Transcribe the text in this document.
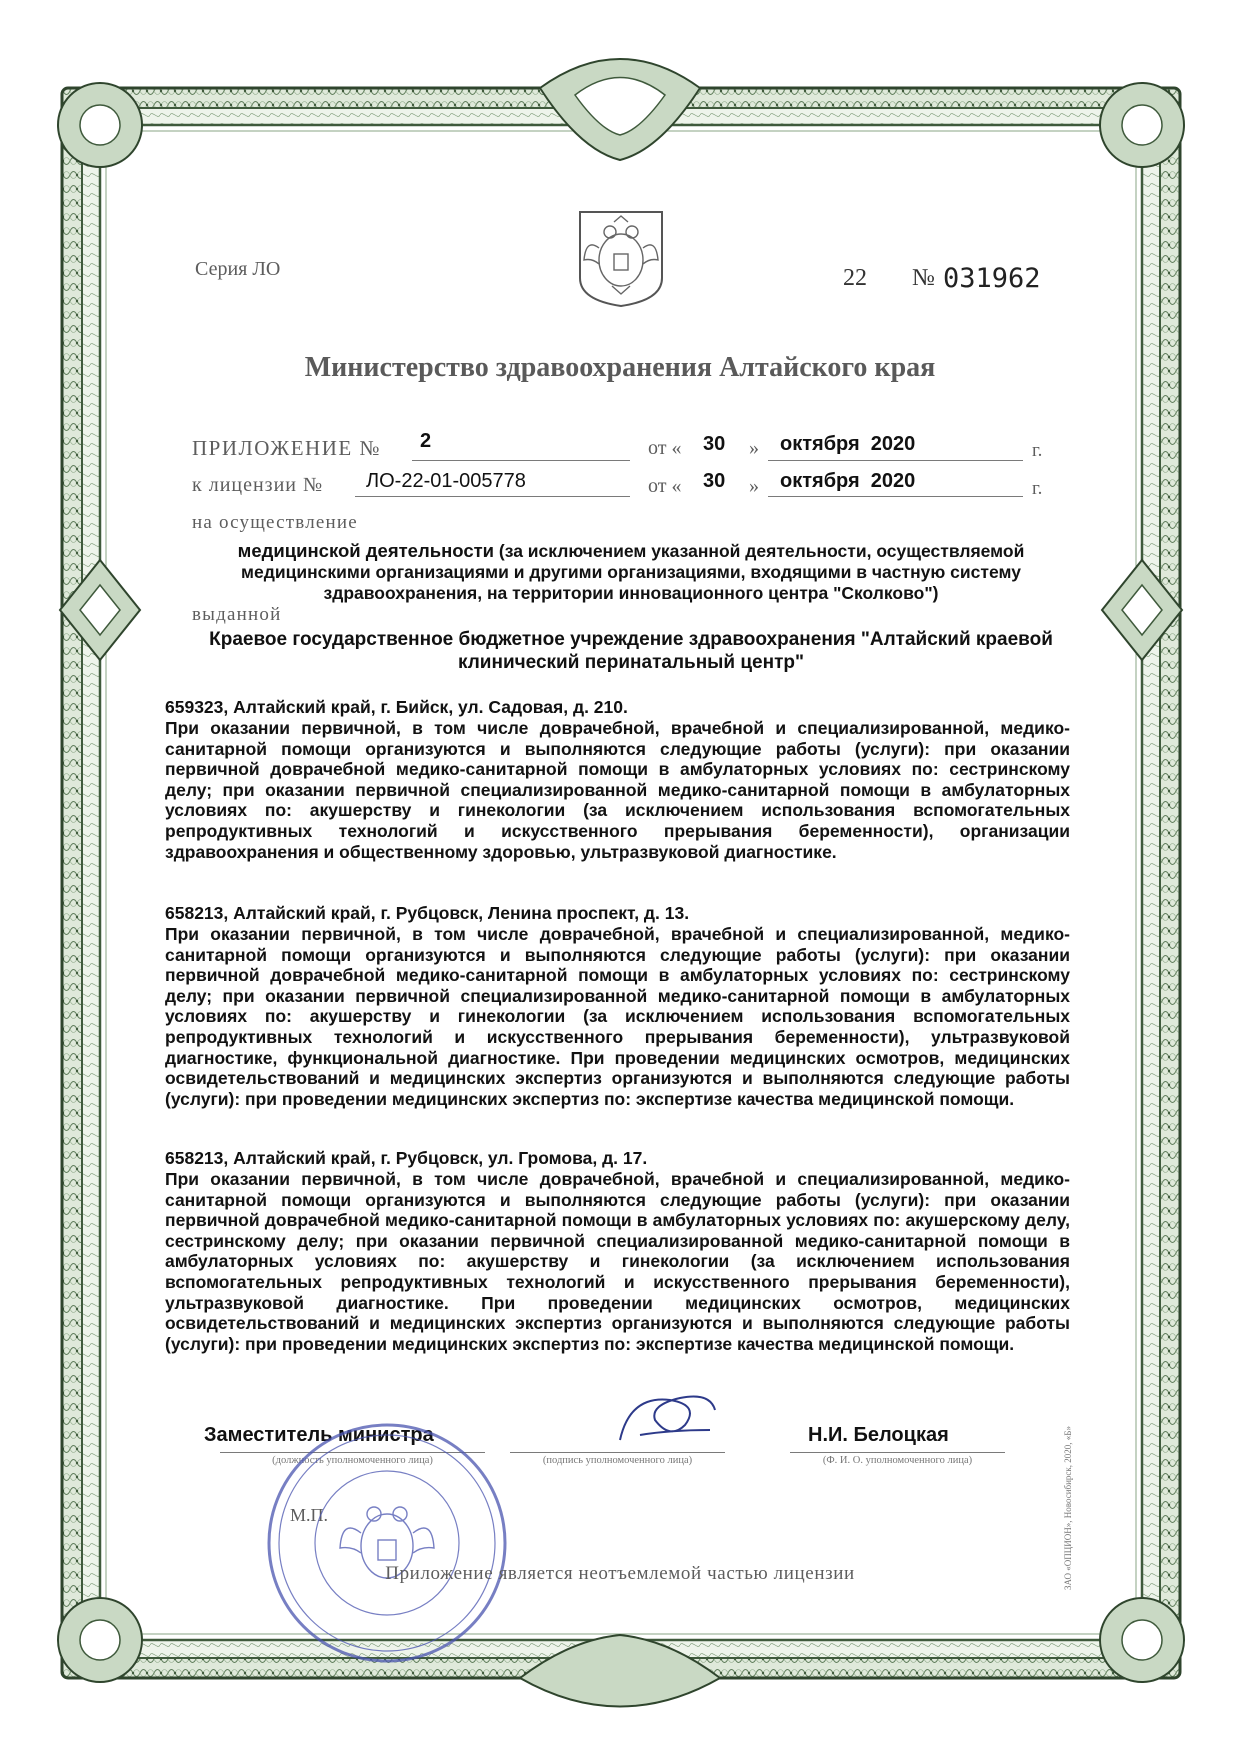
Серия ЛО	22 № 031962
Министерство здравоохранения Алтайского края
ПРИЛОЖЕНИЕ № 2	от « 30 » октября  2020	г.
к лицензии № ЛО-22-01-005778	от « 30 » октября  2020	г.
на осуществление
медицинской деятельности (за исключением указанной деятельности, осуществляемой медицинскими организациями и другими организациями, входящими в частную систему здравоохранения, на территории инновационного центра "Сколково")
выданной
Краевое государственное бюджетное учреждение здравоохранения "Алтайский краевой клинический перинатальный центр"
659323, Алтайский край, г. Бийск, ул. Садовая, д. 210.
При оказании первичной, в том числе доврачебной, врачебной и специализированной, медико-санитарной помощи организуются и выполняются следующие работы (услуги): при оказании первичной доврачебной медико-санитарной помощи в амбулаторных условиях по: сестринскому делу; при оказании первичной специализированной медико-санитарной помощи в амбулаторных условиях по: акушерству и гинекологии (за исключением использования вспомогательных репродуктивных технологий и искусственного прерывания беременности), организации здравоохранения и общественному здоровью, ультразвуковой диагностике.
658213, Алтайский край, г. Рубцовск, Ленина проспект, д. 13.
При оказании первичной, в том числе доврачебной, врачебной и специализированной, медико-санитарной помощи организуются и выполняются следующие работы (услуги): при оказании первичной доврачебной медико-санитарной помощи в амбулаторных условиях по: сестринскому делу; при оказании первичной специализированной медико-санитарной помощи в амбулаторных условиях по: акушерству и гинекологии (за исключением использования вспомогательных репродуктивных технологий и искусственного прерывания беременности), ультразвуковой диагностике, функциональной диагностике. При проведении медицинских осмотров, медицинских освидетельствований и медицинских экспертиз организуются и выполняются следующие работы (услуги): при проведении медицинских экспертиз по: экспертизе качества медицинской помощи.
658213, Алтайский край, г. Рубцовск, ул. Громова, д. 17.
При оказании первичной, в том числе доврачебной, врачебной и специализированной, медико-санитарной помощи организуются и выполняются следующие работы (услуги): при оказании первичной доврачебной медико-санитарной помощи в амбулаторных условиях по: акушерскому делу, сестринскому делу; при оказании первичной специализированной медико-санитарной помощи в амбулаторных условиях по: акушерству и гинекологии (за исключением использования вспомогательных репродуктивных технологий и искусственного прерывания беременности), ультразвуковой диагностике. При проведении медицинских осмотров, медицинских освидетельствований и медицинских экспертиз организуются и выполняются следующие работы (услуги): при проведении медицинских экспертиз по: экспертизе качества медицинской помощи.
Заместитель министра
(должность уполномоченного лица)	(подпись уполномоченного лица)
Н.И. Белоцкая
(Ф. И. О. уполномоченного лица)
М.П.
Приложение является неотъемлемой частью лицензии	ЗАО «ОПЦИОН», Новосибирск, 2020, «Б»
